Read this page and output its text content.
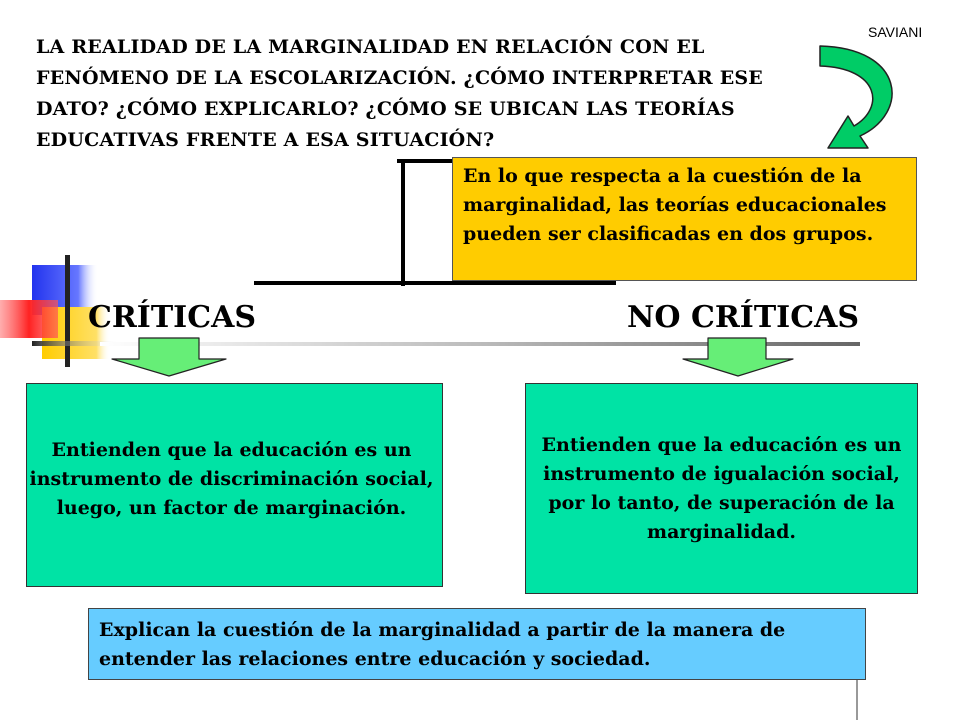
LA REALIDAD DE LA MARGINALIDAD EN RELACIÓN CON EL FENÓMENO DE LA ESCOLARIZACIÓN. ¿CÓMO INTERPRETAR ESE DATO? ¿CÓMO EXPLICARLO? ¿CÓMO SE UBICAN LAS TEORÍAS EDUCATIVAS FRENTE A ESA SITUACIÓN?
SAVIANI
En lo que respecta a la cuestión de la marginalidad, las teorías educacionales pueden ser clasificadas en dos grupos.
CRÍTICAS	NO CRÍTICAS
Entienden que la educación es un instrumento de discriminación social, luego, un factor de marginación.
Entienden que la educación es un instrumento de igualación social, por lo tanto, de superación de la marginalidad.
Explican la cuestión de la marginalidad a partir de la manera de entender las relaciones entre educación y sociedad.
